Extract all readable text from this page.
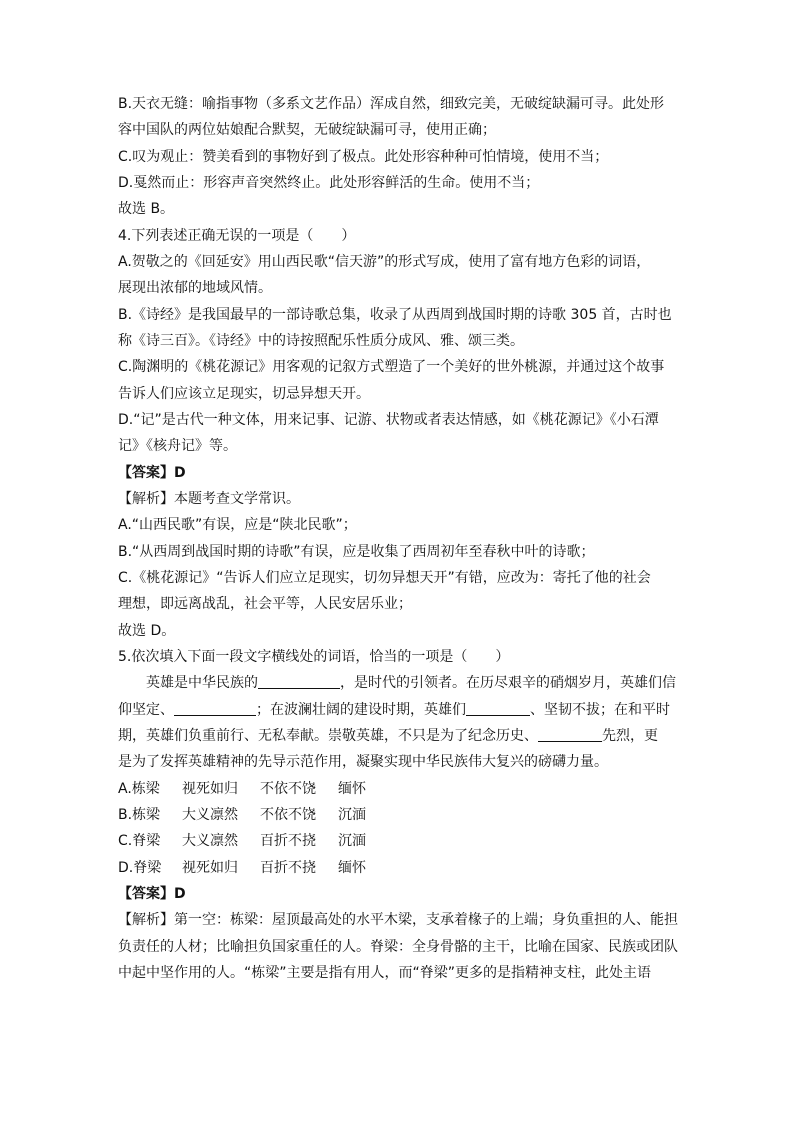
B.天衣无缝：喻指事物（多系文艺作品）浑成自然，细致完美，无破绽缺漏可寻。此处形
容中国队的两位姑娘配合默契，无破绽缺漏可寻，使用正确；
C.叹为观止：赞美看到的事物好到了极点。此处形容种种可怕情境，使用不当；
D.戛然而止：形容声音突然终止。此处形容鲜活的生命。使用不当；
故选 B。
4.下列表述正确无误的一项是（　　）
A.贺敬之的《回延安》用山西民歌“信天游”的形式写成，使用了富有地方色彩的词语，
展现出浓郁的地域风情。
B.《诗经》是我国最早的一部诗歌总集，收录了从西周到战国时期的诗歌 305 首，古时也
称《诗三百》。《诗经》中的诗按照配乐性质分成风、雅、颂三类。
C.陶渊明的《桃花源记》用客观的记叙方式塑造了一个美好的世外桃源，并通过这个故事
告诉人们应该立足现实，切忌异想天开。
D.“记”是古代一种文体，用来记事、记游、状物或者表达情感，如《桃花源记》《小石潭
记》《核舟记》等。
【答案】D
【解析】本题考查文学常识。
A.“山西民歌”有误，应是“陕北民歌”；
B.“从西周到战国时期的诗歌”有误，应是收集了西周初年至春秋中叶的诗歌；
C.《桃花源记》“告诉人们应立足现实，切勿异想天开”有错，应改为：寄托了他的社会
理想，即远离战乱，社会平等，人民安居乐业；
故选 D。
5.依次填入下面一段文字横线处的词语，恰当的一项是（　　）
英雄是中华民族的	，是时代的引领者。在历尽艰辛的硝烟岁月，英雄们信
仰坚定、	；在波澜壮阔的建设时期，英雄们	、坚韧不拔；在和平时
期，英雄们负重前行、无私奉献。崇敬英雄，不只是为了纪念历史、	先烈，更
是为了发挥英雄精神的先导示范作用，凝聚实现中华民族伟大复兴的磅礴力量。
A.栋梁 视死如归 不依不饶 缅怀
B.栋梁 大义凛然 不依不饶 沉湎
C.脊梁 大义凛然 百折不挠 沉湎
D.脊梁 视死如归 百折不挠 缅怀
【答案】D
【解析】第一空：栋梁：屋顶最高处的水平木梁，支承着椽子的上端；身负重担的人、能担
负责任的人材；比喻担负国家重任的人。脊梁：全身骨骼的主干，比喻在国家、民族或团队
中起中坚作用的人。“栋梁”主要是指有用人，而“脊梁”更多的是指精神支柱，此处主语
